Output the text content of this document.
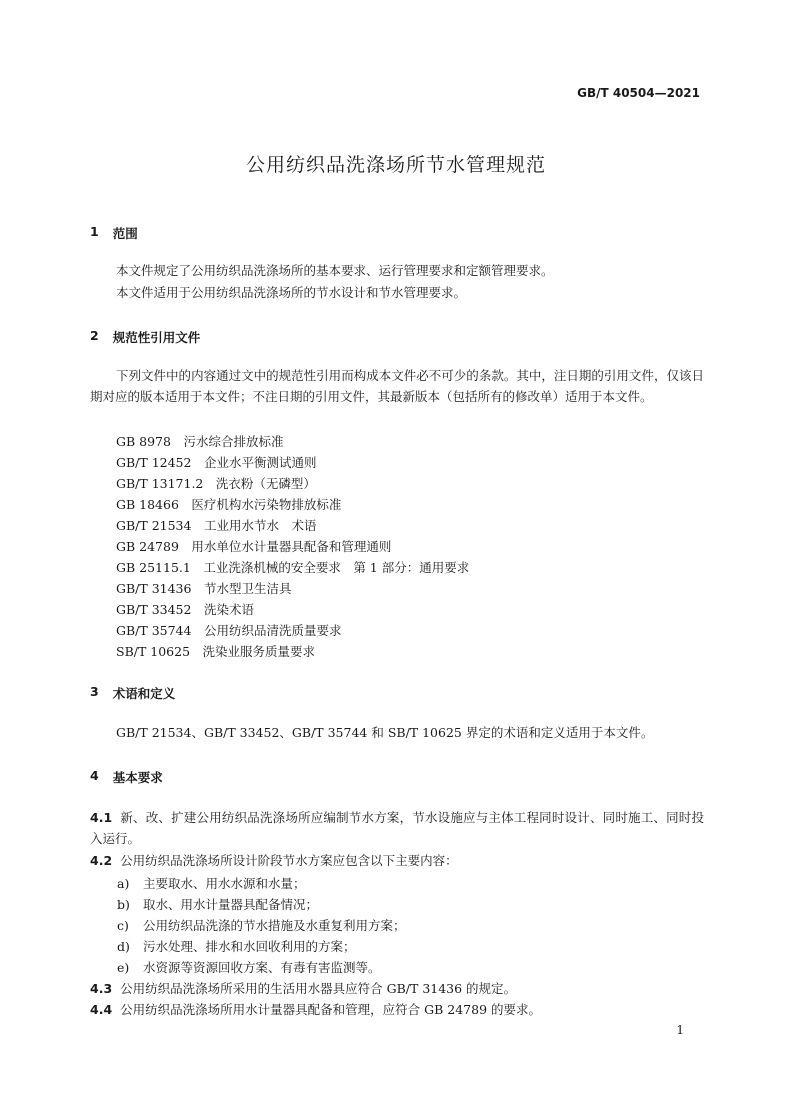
GB/T 40504—2021
公用纺织品洗涤场所节水管理规范
1 范围
本文件规定了公用纺织品洗涤场所的基本要求、运行管理要求和定额管理要求。
本文件适用于公用纺织品洗涤场所的节水设计和节水管理要求。
2 规范性引用文件
下列文件中的内容通过文中的规范性引用而构成本文件必不可少的条款。其中，注日期的引用文件，仅该日期对应的版本适用于本文件；不注日期的引用文件，其最新版本（包括所有的修改单）适用于本文件。
GB 8978　污水综合排放标准
GB/T 12452　企业水平衡测试通则
GB/T 13171.2　洗衣粉（无磷型）
GB 18466　医疗机构水污染物排放标准
GB/T 21534　工业用水节水　术语
GB 24789　用水单位水计量器具配备和管理通则
GB 25115.1　工业洗涤机械的安全要求　第 1 部分：通用要求
GB/T 31436　节水型卫生洁具
GB/T 33452　洗染术语
GB/T 35744　公用纺织品清洗质量要求
SB/T 10625　洗染业服务质量要求
3 术语和定义
GB/T 21534、GB/T 33452、GB/T 35744 和 SB/T 10625 界定的术语和定义适用于本文件。
4 基本要求
4.1 新、改、扩建公用纺织品洗涤场所应编制节水方案，节水设施应与主体工程同时设计、同时施工、同时投入运行。
4.2 公用纺织品洗涤场所设计阶段节水方案应包含以下主要内容：
a) 主要取水、用水水源和水量；
b) 取水、用水计量器具配备情况；
c) 公用纺织品洗涤的节水措施及水重复利用方案；
d) 污水处理、排水和水回收利用的方案；
e) 水资源等资源回收方案、有毒有害监测等。
4.3 公用纺织品洗涤场所采用的生活用水器具应符合 GB/T 31436 的规定。
4.4 公用纺织品洗涤场所用水计量器具配备和管理，应符合 GB 24789 的要求。
1
